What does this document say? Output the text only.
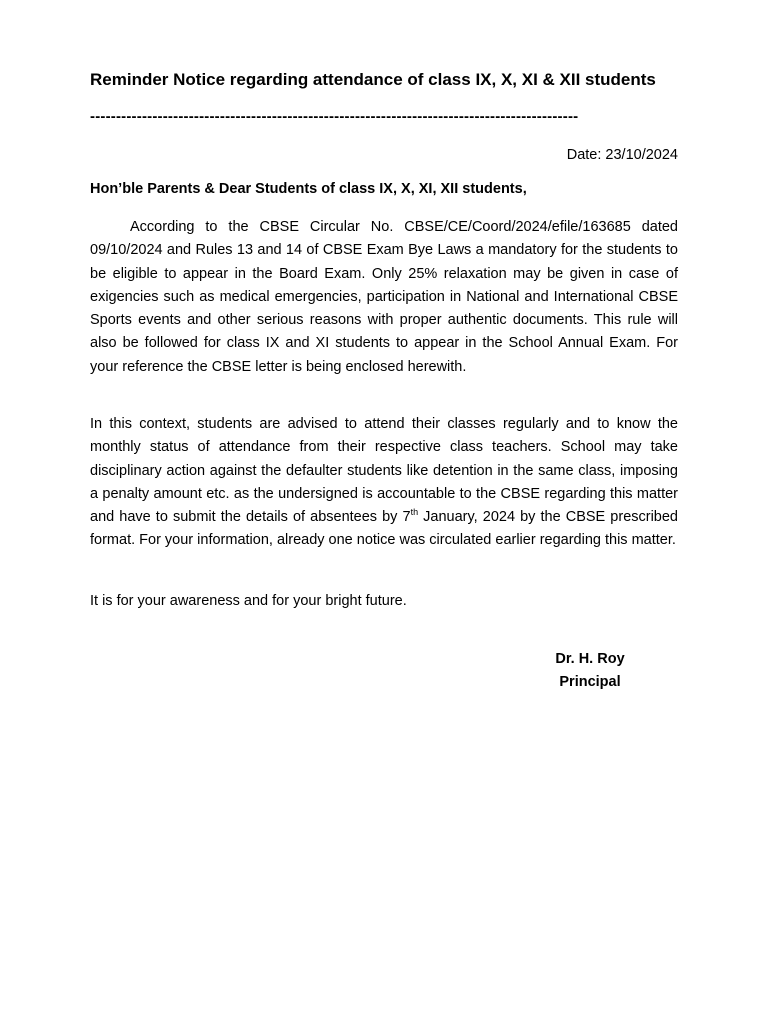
Reminder Notice regarding attendance of class IX, X, XI & XII students
----------------------------------------------------------------------------------------------
Date: 23/10/2024
Hon’ble Parents & Dear Students of class IX, X, XI, XII students,

According to the CBSE Circular No. CBSE/CE/Coord/2024/efile/163685 dated 09/10/2024 and Rules 13 and 14 of CBSE Exam Bye Laws a mandatory for the students to be eligible to appear in the Board Exam. Only 25% relaxation may be given in case of exigencies such as medical emergencies, participation in National and International CBSE Sports events and other serious reasons with proper authentic documents. This rule will also be followed for class IX and XI students to appear in the School Annual Exam. For your reference the CBSE letter is being enclosed herewith.

In this context, students are advised to attend their classes regularly and to know the monthly status of attendance from their respective class teachers. School may take disciplinary action against the defaulter students like detention in the same class, imposing a penalty amount etc. as the undersigned is accountable to the CBSE regarding this matter and have to submit the details of absentees by 7th January, 2024 by the CBSE prescribed format. For your information, already one notice was circulated earlier regarding this matter.

It is for your awareness and for your bright future.

Dr. H. Roy
Principal
